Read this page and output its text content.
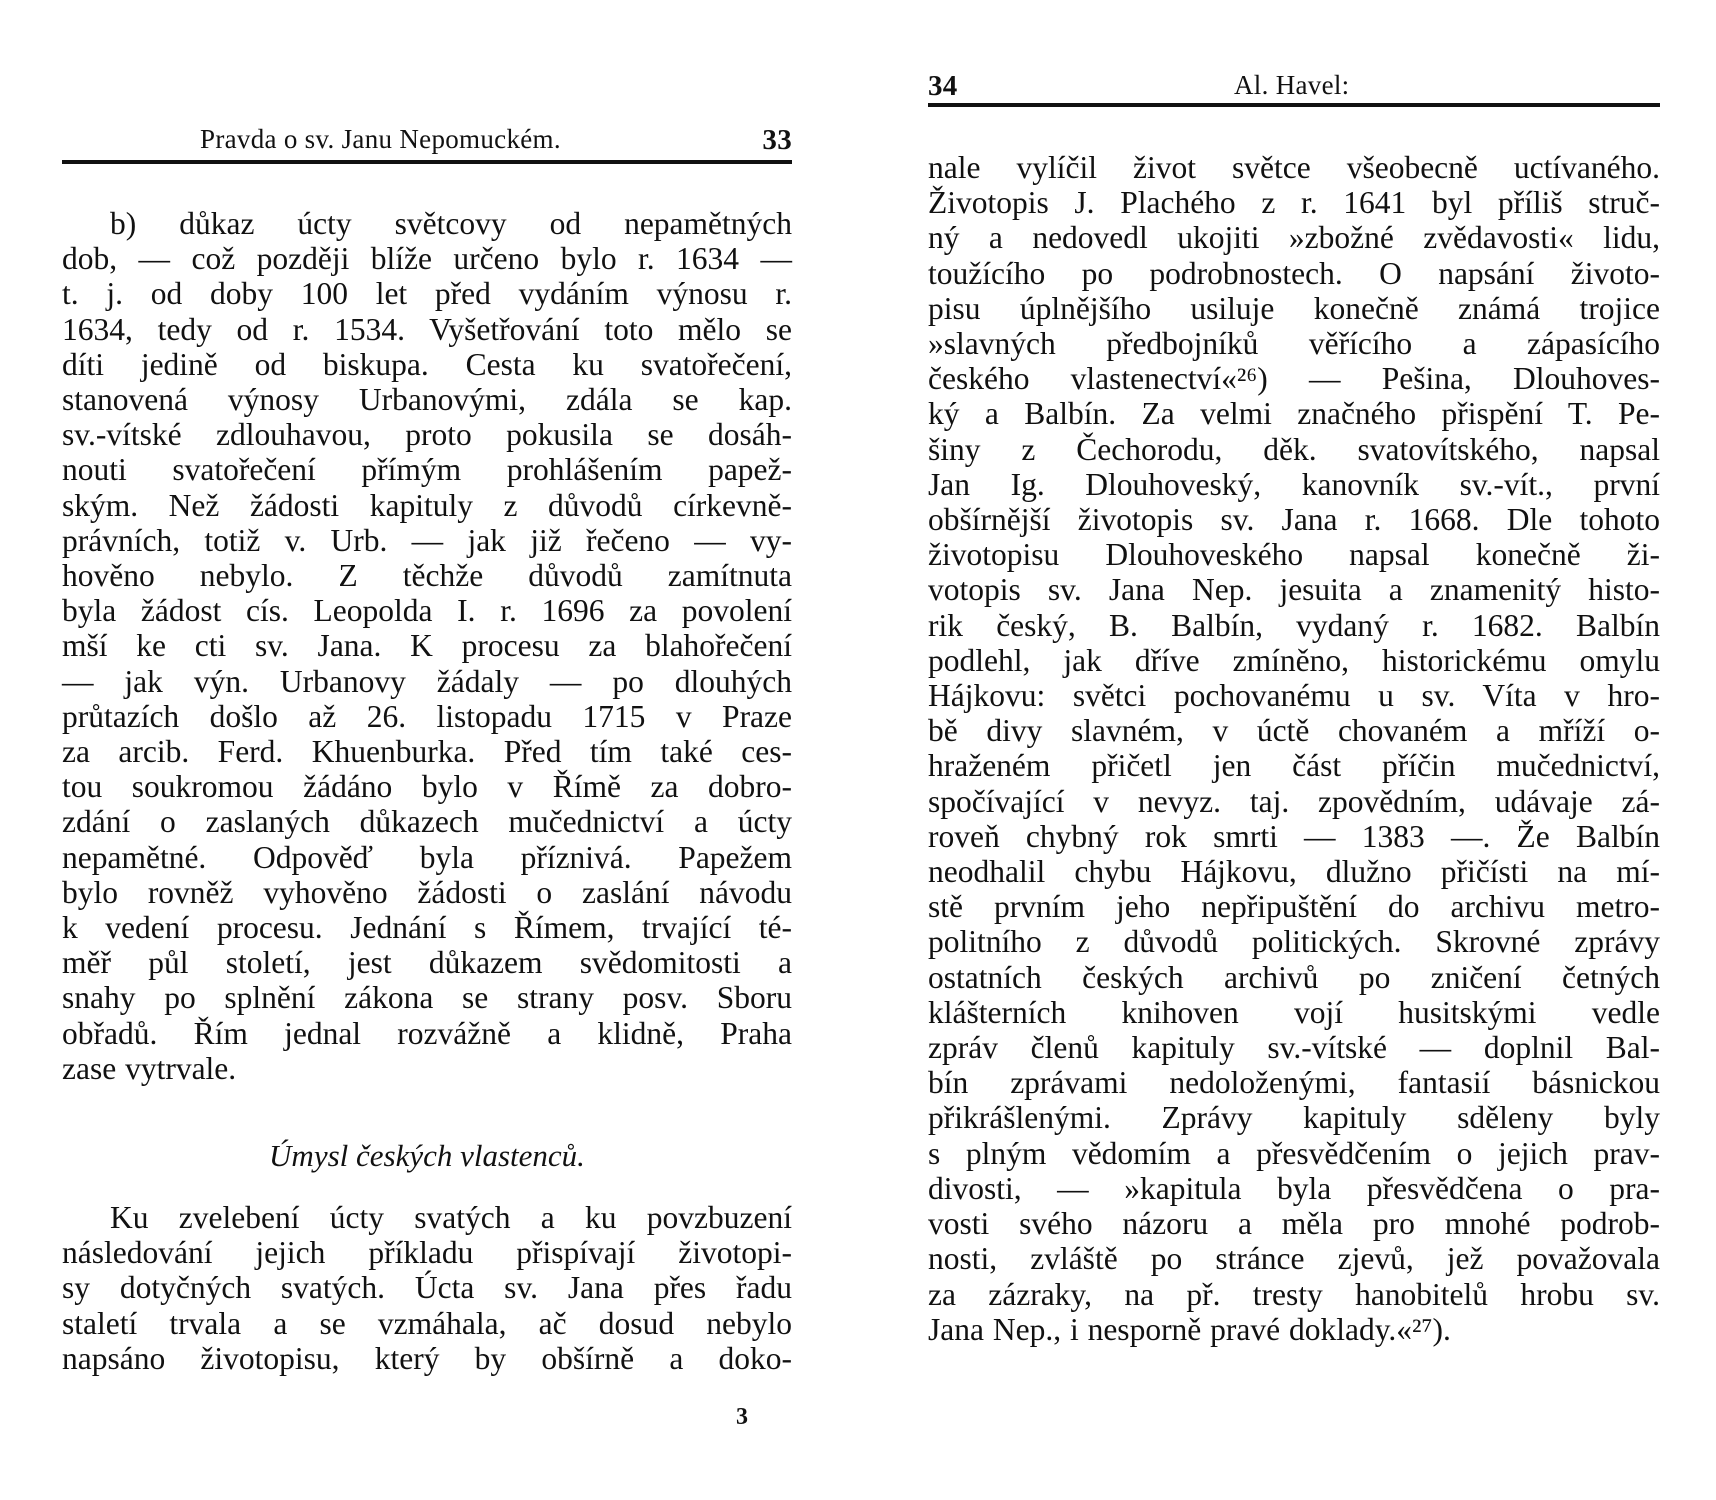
Pravda o sv. Janu Nepomuckém.	33
b) důkaz úcty světcovy od nepamětných
dob, — což později blíže určeno bylo r. 1634 —
t. j. od doby 100 let před vydáním výnosu r.
1634, tedy od r. 1534. Vyšetřování toto mělo se
díti jedině od biskupa. Cesta ku svatořečení,
stanovená výnosy Urbanovými, zdála se kap.
sv.-vítské zdlouhavou, proto pokusila se dosáh-
nouti svatořečení přímým prohlášením papež-
ským. Než žádosti kapituly z důvodů církevně-
právních, totiž v. Urb. — jak již řečeno — vy-
hověno nebylo. Z těchže důvodů zamítnuta
byla žádost cís. Leopolda I. r. 1696 za povolení
mší ke cti sv. Jana. K procesu za blahořečení
— jak výn. Urbanovy žádaly — po dlouhých
průtazích došlo až 26. listopadu 1715 v Praze
za arcib. Ferd. Khuenburka. Před tím také ces-
tou soukromou žádáno bylo v Římě za dobro-
zdání o zaslaných důkazech mučednictví a úcty
nepamětné. Odpověď byla příznivá. Papežem
bylo rovněž vyhověno žádosti o zaslání návodu
k vedení procesu. Jednání s Římem, trvající té-
měř půl století, jest důkazem svědomitosti a
snahy po splnění zákona se strany posv. Sboru
obřadů. Řím jednal rozvážně a klidně, Praha
zase vytrvale.
Úmysl českých vlastenců.
Ku zvelebení úcty svatých a ku povzbuzení
následování jejich příkladu přispívají životopi-
sy dotyčných svatých. Úcta sv. Jana přes řadu
staletí trvala a se vzmáhala, ač dosud nebylo
napsáno životopisu, který by obšírně a doko-
3
34	Al. Havel:
nale vylíčil život světce všeobecně uctívaného.
Životopis J. Plachého z r. 1641 byl příliš struč-
ný a nedovedl ukojiti »zbožné zvědavosti« lidu,
toužícího po podrobnostech. O napsání životo-
pisu úplnějšího usiluje konečně známá trojice
»slavných předbojníků věřícího a zápasícího
českého vlastenectví«²⁶) — Pešina, Dlouhoves-
ký a Balbín. Za velmi značného přispění T. Pe-
šiny z Čechorodu, děk. svatovítského, napsal
Jan Ig. Dlouhoveský, kanovník sv.-vít., první
obšírnější životopis sv. Jana r. 1668. Dle tohoto
životopisu Dlouhoveského napsal konečně ži-
votopis sv. Jana Nep. jesuita a znamenitý histo-
rik český, B. Balbín, vydaný r. 1682. Balbín
podlehl, jak dříve zmíněno, historickému omylu
Hájkovu: světci pochovanému u sv. Víta v hro-
bě divy slavném, v úctě chovaném a mříží o-
hraženém přičetl jen část příčin mučednictví,
spočívající v nevyz. taj. zpovědním, udávaje zá-
roveň chybný rok smrti — 1383 —. Že Balbín
neodhalil chybu Hájkovu, dlužno přičísti na mí-
stě prvním jeho nepřipuštění do archivu metro-
politního z důvodů politických. Skrovné zprávy
ostatních českých archivů po zničení četných
klášterních knihoven vojí husitskými vedle
zpráv členů kapituly sv.-vítské — doplnil Bal-
bín zprávami nedoloženými, fantasií básnickou
přikrášlenými. Zprávy kapituly sděleny byly
s plným vědomím a přesvědčením o jejich prav-
divosti, — »kapitula byla přesvědčena o pra-
vosti svého názoru a měla pro mnohé podrob-
nosti, zvláště po stránce zjevů, jež považovala
za zázraky, na př. tresty hanobitelů hrobu sv.
Jana Nep., i nesporně pravé doklady.«²⁷).
